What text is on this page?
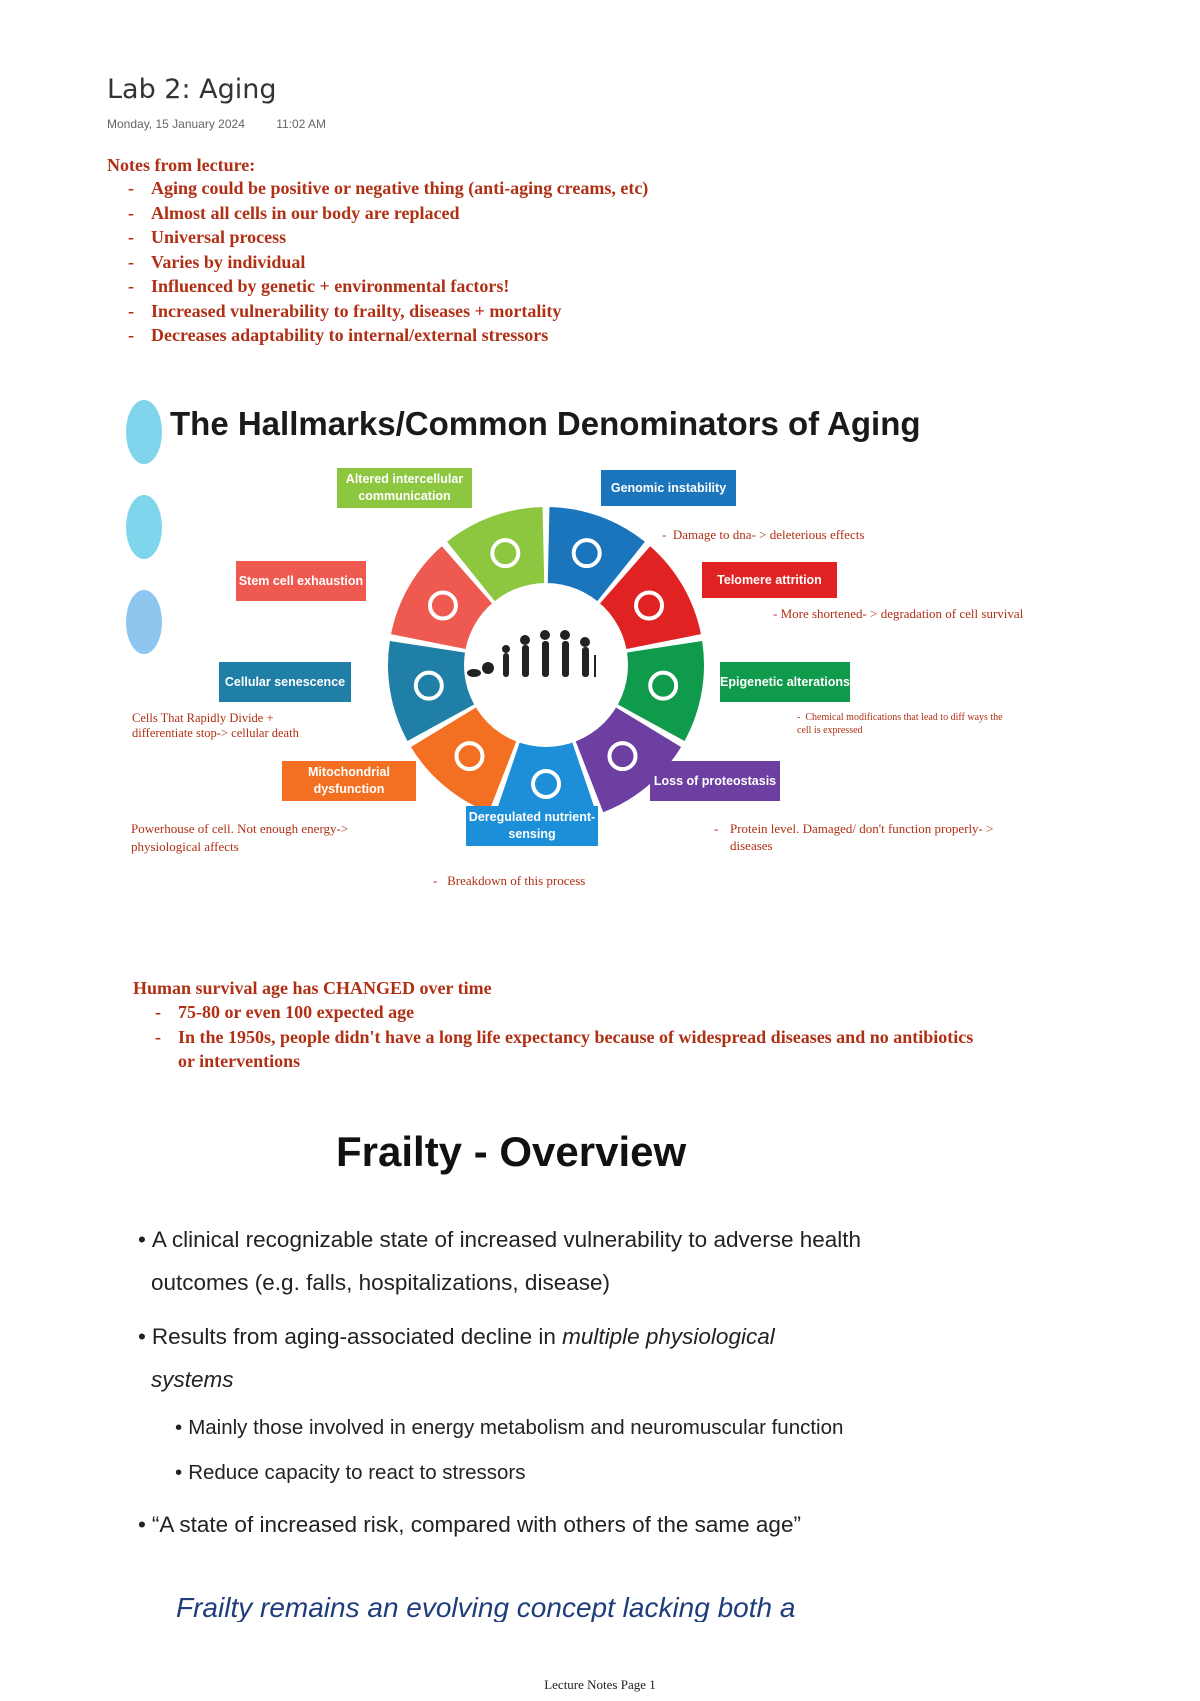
Lab 2: Aging
Monday, 15 January 2024	11:02 AM
Notes from lecture:
- Aging could be positive or negative thing (anti-aging creams, etc)
- Almost all cells in our body are replaced
- Universal process
- Varies by individual
- Influenced by genetic + environmental factors!
- Increased vulnerability to frailty, diseases + mortality
- Decreases adaptability to internal/external stressors
The Hallmarks/Common Denominators of Aging
Altered intercellular communication
Genomic instability
Telomere attrition
Stem cell exhaustion
Epigenetic alterations
Cellular senescence
Loss of proteostasis
Mitochondrial dysfunction
Deregulated nutrient-sensing
-  Damage to dna- > deleterious effects
- More shortened- > degradation of cell survival
-  Chemical modifications that lead to diff ways the cell is expressed
Cells That Rapidly Divide + differentiate stop-> cellular death
Powerhouse of cell. Not enough energy-> physiological affects
- Protein level. Damaged/ don't function properly- > diseases
-   Breakdown of this process
Human survival age has CHANGED over time
- 75-80 or even 100 expected age
- In the 1950s, people didn't have a long life expectancy because of widespread diseases and no antibiotics or interventions
Frailty - Overview
• A clinical recognizable state of increased vulnerability to adverse health
outcomes (e.g. falls, hospitalizations, disease)
• Results from aging-associated decline in multiple physiological
systems
• Mainly those involved in energy metabolism and neuromuscular function
• Reduce capacity to react to stressors
• “A state of increased risk, compared with others of the same age”
Frailty remains an evolving concept lacking both a
Lecture Notes Page 1
